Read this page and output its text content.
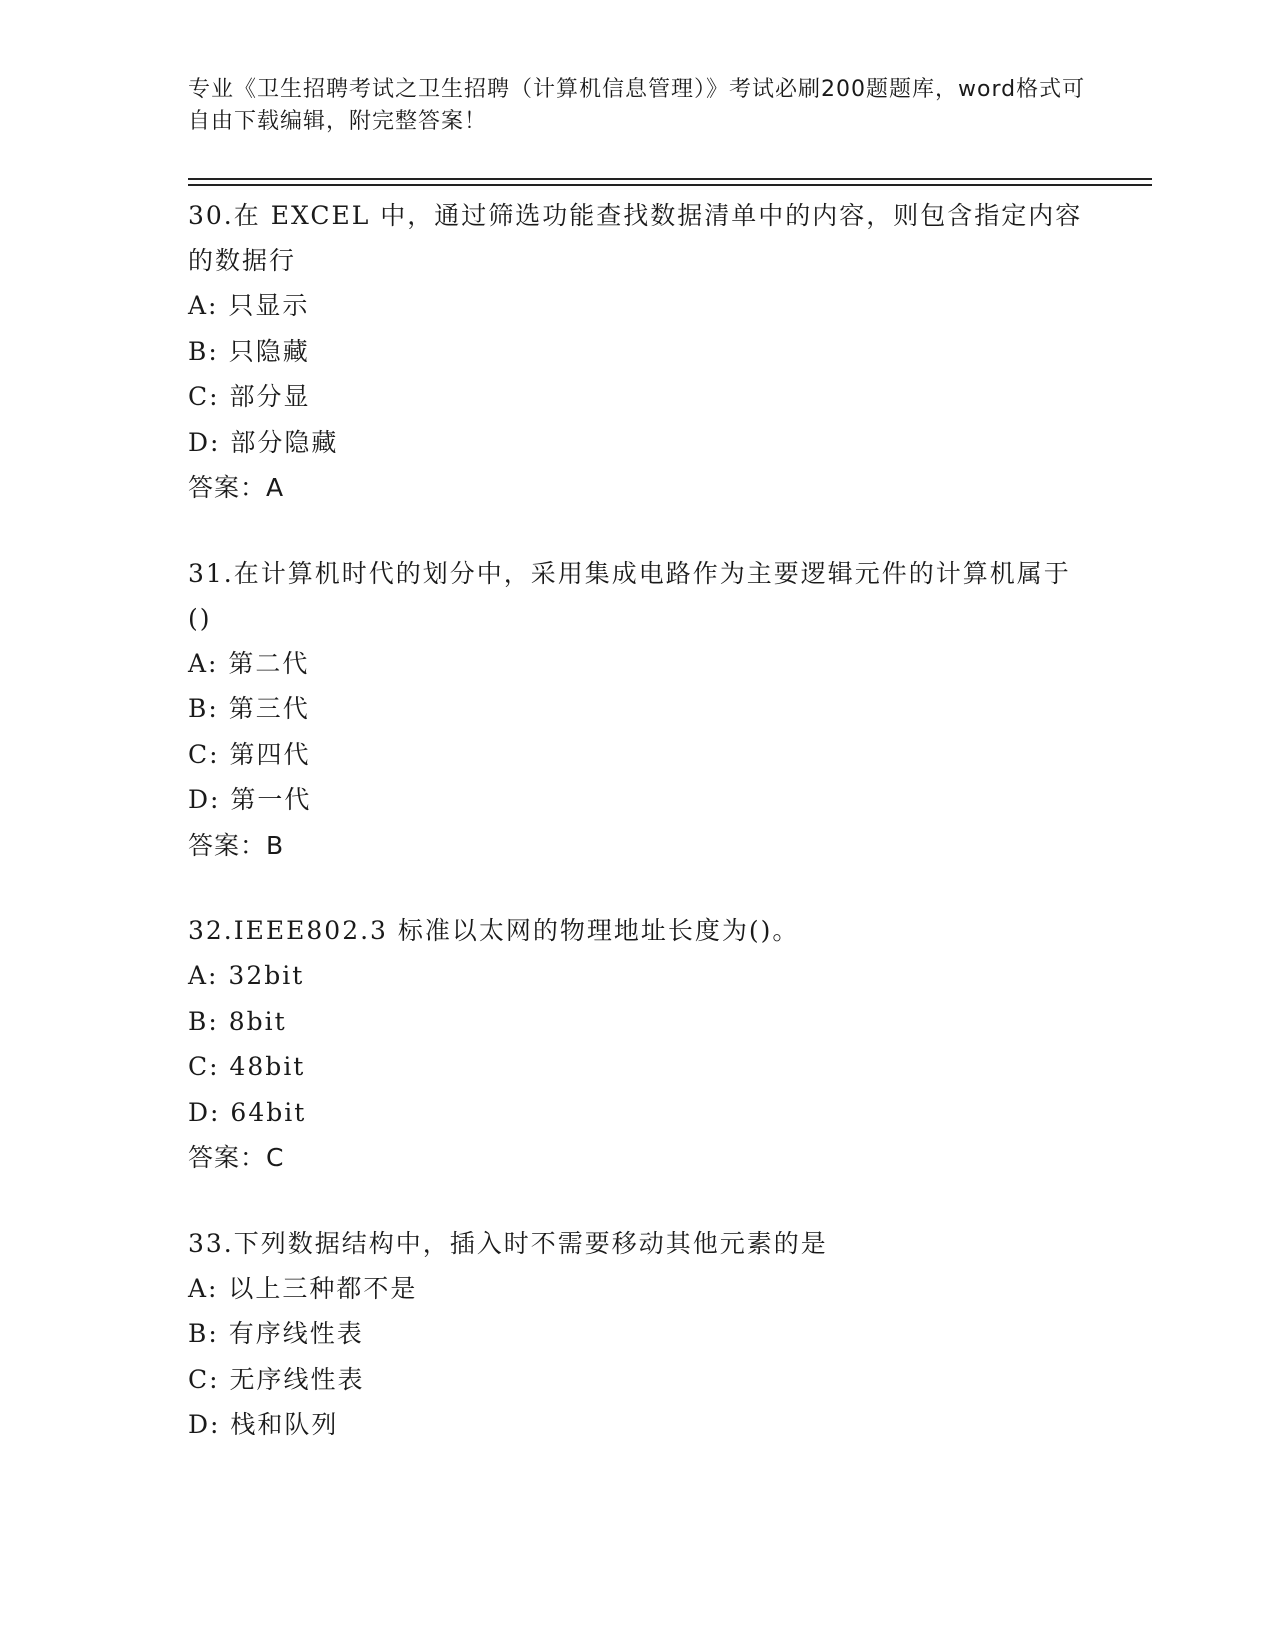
专业《卫生招聘考试之卫生招聘（计算机信息管理）》考试必刷200题题库，word格式可自由下载编辑，附完整答案！
30.在 EXCEL 中，通过筛选功能查找数据清单中的内容，则包含指定内容的数据行
A: 只显示
B: 只隐藏
C: 部分显
D: 部分隐藏
答案：A
31.在计算机时代的划分中，采用集成电路作为主要逻辑元件的计算机属于()
A: 第二代
B: 第三代
C: 第四代
D: 第一代
答案：B
32.IEEE802.3 标准以太网的物理地址长度为()。
A: 32bit
B: 8bit
C: 48bit
D: 64bit
答案：C
33.下列数据结构中，插入时不需要移动其他元素的是
A: 以上三种都不是
B: 有序线性表
C: 无序线性表
D: 栈和队列
